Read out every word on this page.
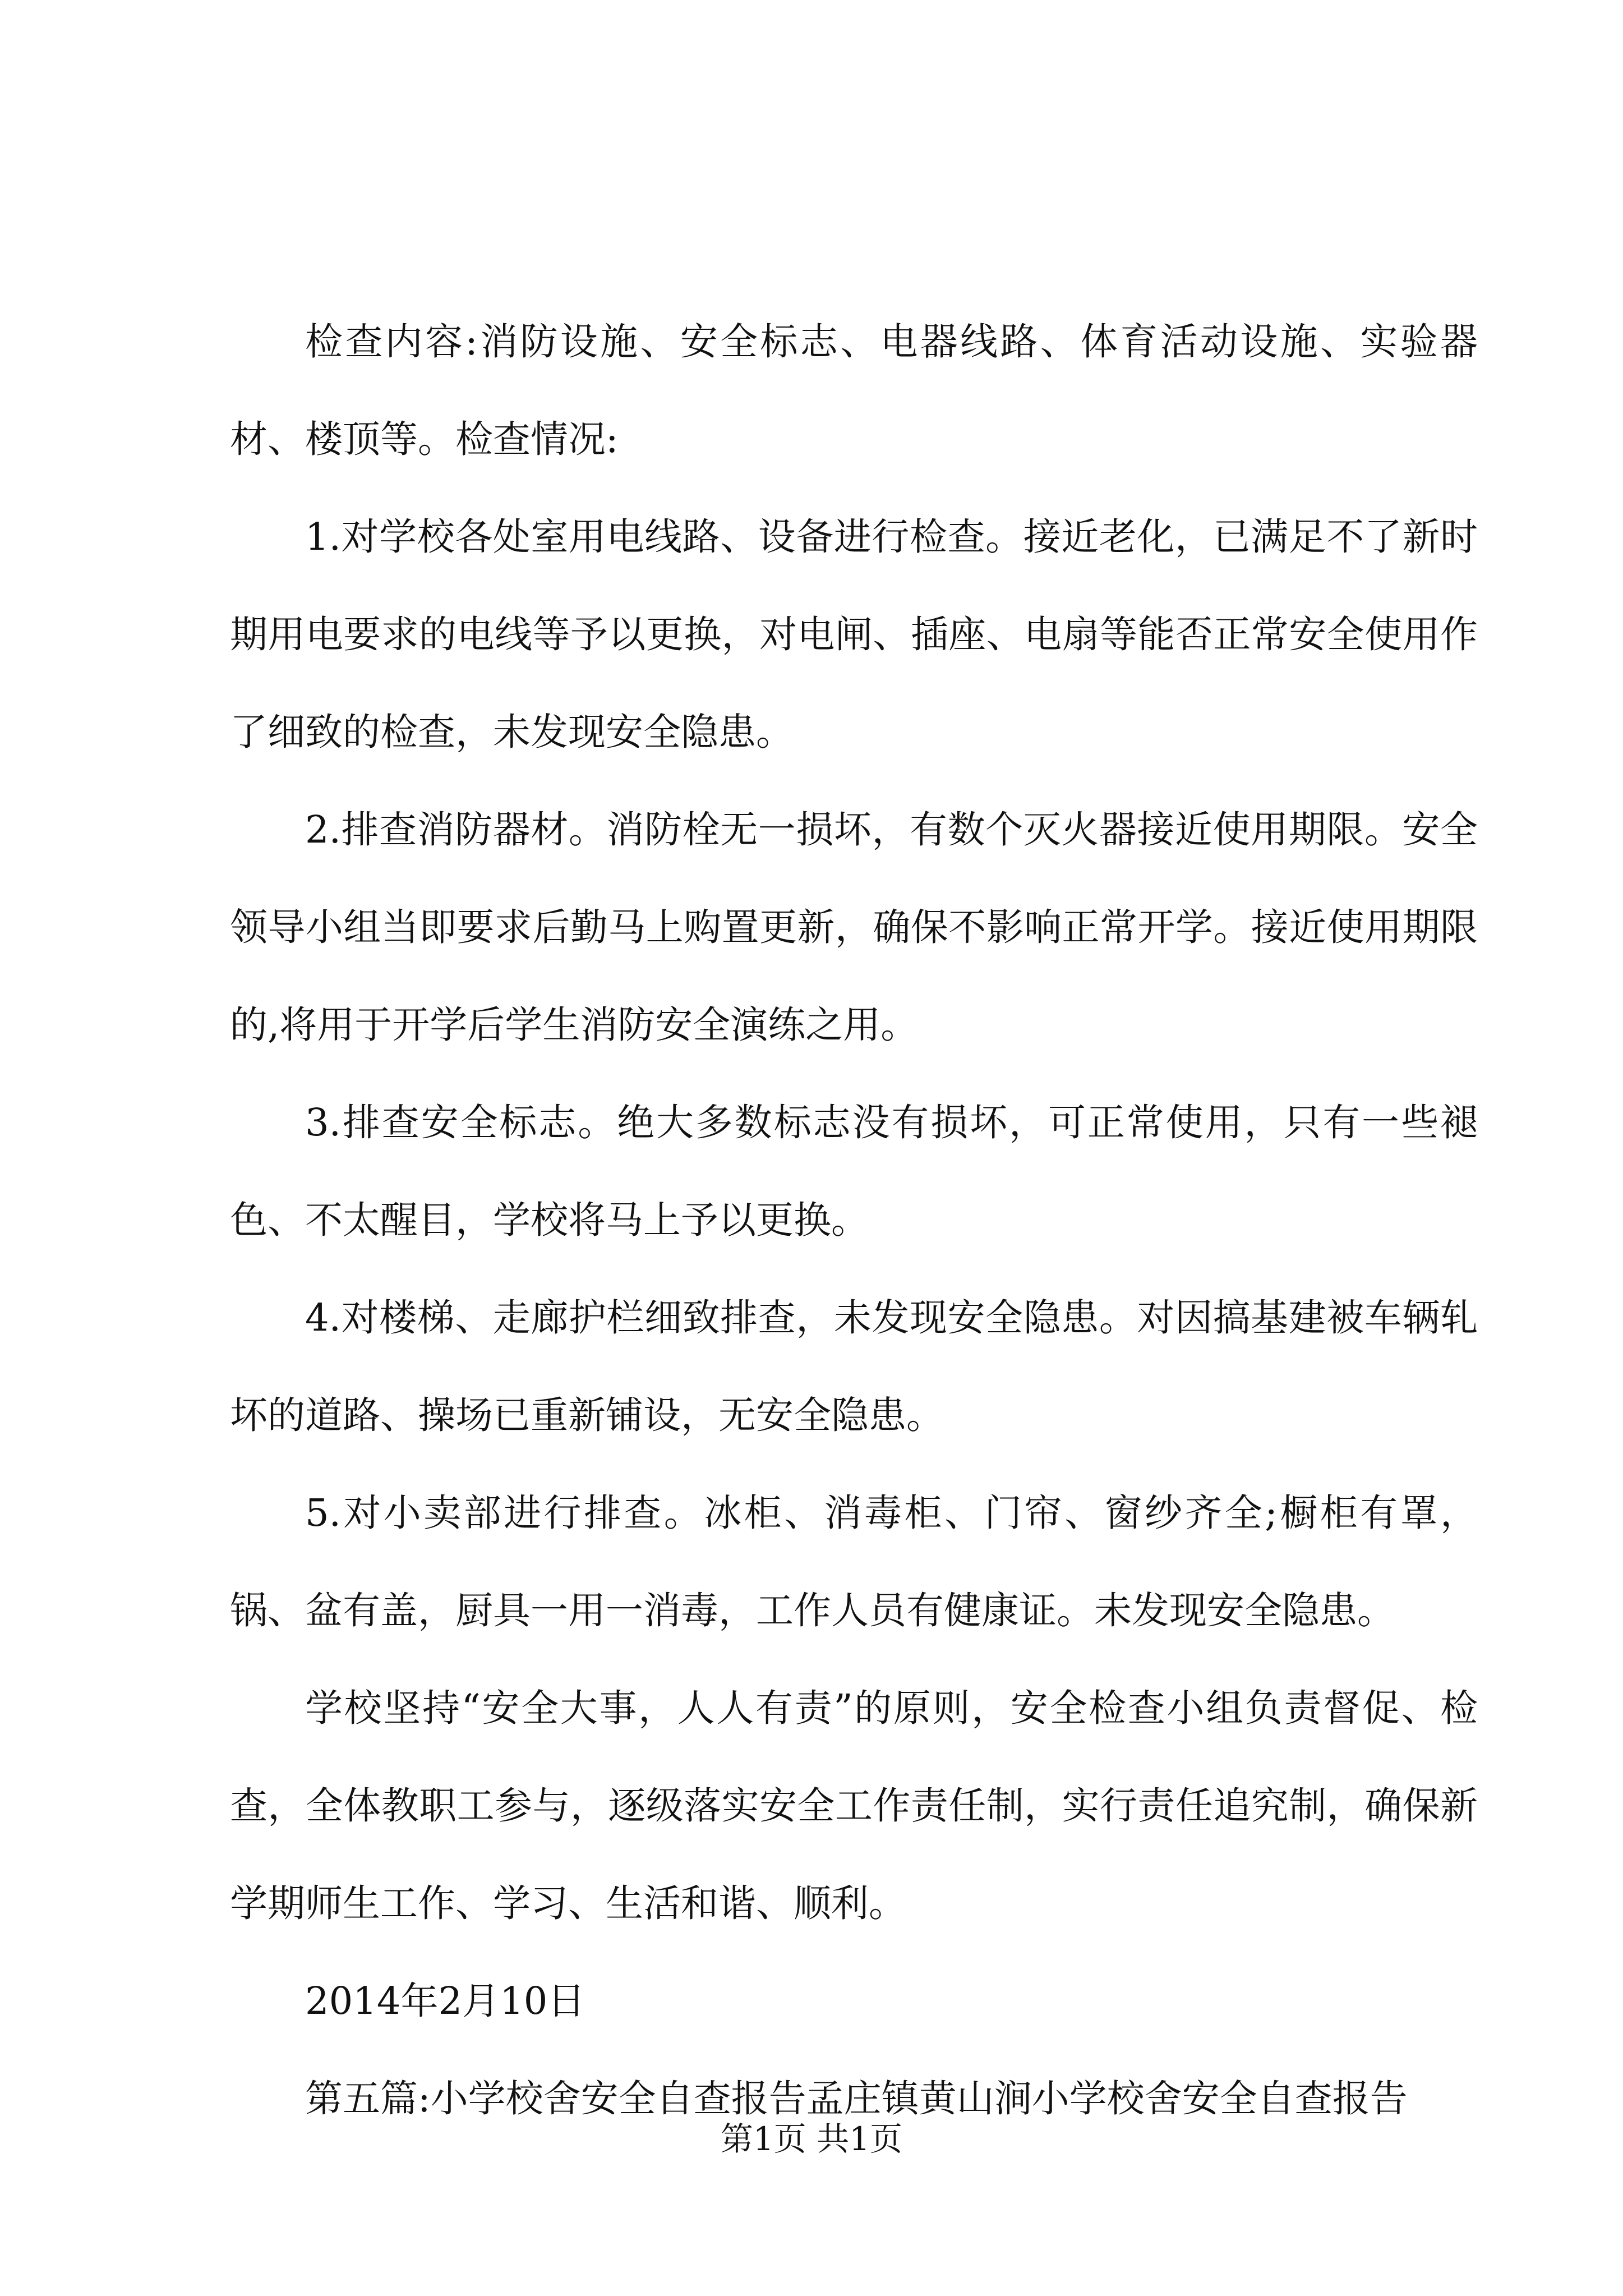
检查内容:消防设施、安全标志、电器线路、体育活动设施、实验器材、楼顶等。检查情况:

1.对学校各处室用电线路、设备进行检查。接近老化，已满足不了新时期用电要求的电线等予以更换，对电闸、插座、电扇等能否正常安全使用作了细致的检查，未发现安全隐患。

2.排查消防器材。消防栓无一损坏，有数个灭火器接近使用期限。安全领导小组当即要求后勤马上购置更新，确保不影响正常开学。接近使用期限的,将用于开学后学生消防安全演练之用。

3.排查安全标志。绝大多数标志没有损坏，可正常使用，只有一些褪色、不太醒目，学校将马上予以更换。

4.对楼梯、走廊护栏细致排查，未发现安全隐患。对因搞基建被车辆轧坏的道路、操场已重新铺设，无安全隐患。

5.对小卖部进行排查。冰柜、消毒柜、门帘、窗纱齐全;橱柜有罩，锅、盆有盖，厨具一用一消毒，工作人员有健康证。未发现安全隐患。

学校坚持“安全大事，人人有责”的原则，安全检查小组负责督促、检查，全体教职工参与，逐级落实安全工作责任制，实行责任追究制，确保新学期师生工作、学习、生活和谐、顺利。

2014年2月10日

第五篇:小学校舍安全自查报告孟庄镇黄山涧小学校舍安全自查报告

第1页 共1页
